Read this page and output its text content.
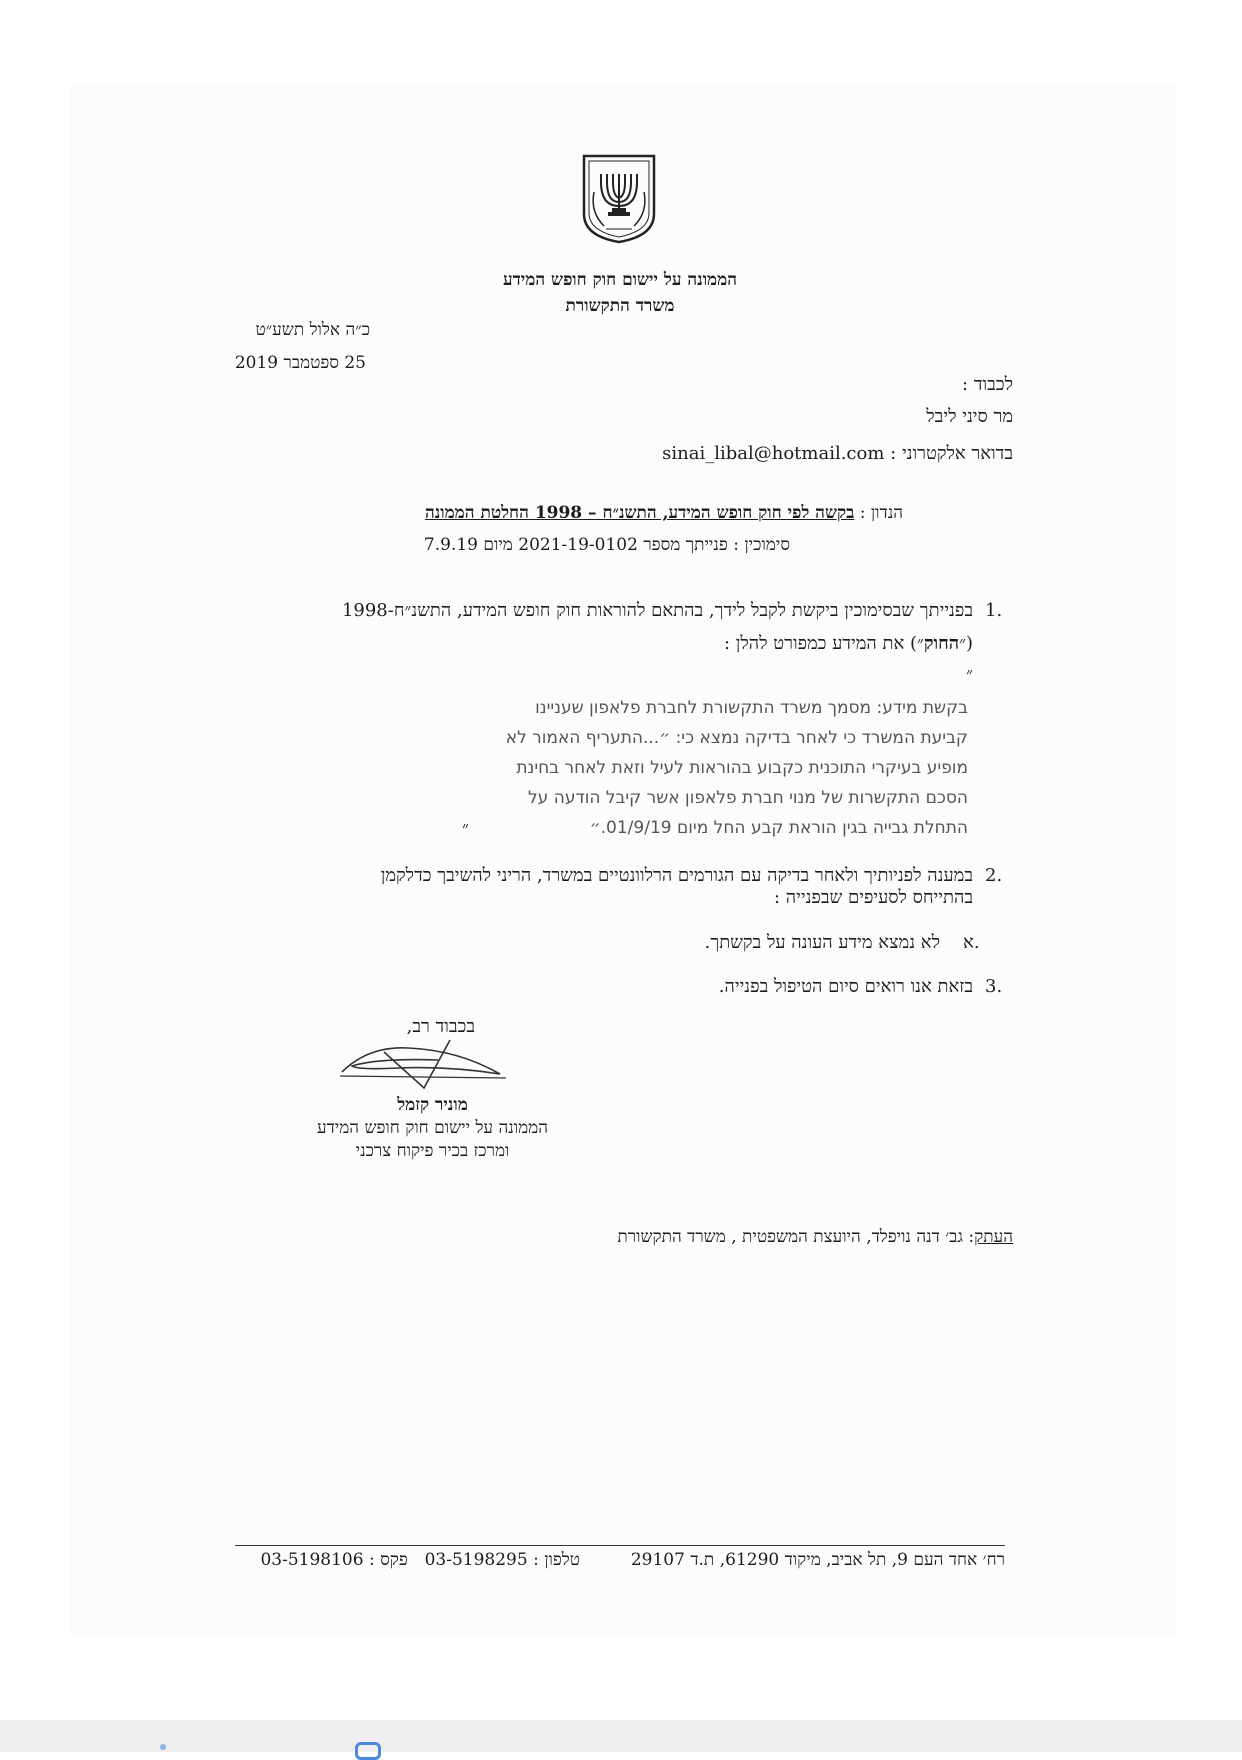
הממונה על יישום חוק חופש המידע
משרד התקשורת
כ״ה אלול תשע״ט
25 ספטמבר 2019
לכבוד :
מר סיני ליבל
בדואר אלקטרוני : sinai_libal@hotmail.com
הנדון : בקשה לפי חוק חופש המידע, התשנ״ח – 1998 החלטת הממונה
סימוכין : פנייתך מספר 2021-19-0102 מיום 7.9.19
1.
בפנייתך שבסימוכין ביקשת לקבל לידך, בהתאם להוראות חוק חופש המידע, התשנ״ח-1998
(״החוק״) את המידע כמפורט להלן :
״
בקשת מידע: מסמך משרד התקשורת לחברת פלאפון שעניינו
קביעת המשרד כי לאחר בדיקה נמצא כי: ״...התעריף האמור לא
מופיע בעיקרי התוכנית כקבוע בהוראות לעיל וזאת לאחר בחינת
הסכם התקשרות של מנוי חברת פלאפון אשר קיבל הודעה על
התחלת גבייה בגין הוראת קבע החל מיום 01/9/19.״
״
2.
במענה לפניותיך ולאחר בדיקה עם הגורמים הרלוונטיים במשרד, הריני להשיבך כדלקמן
בהתייחס לסעיפים שבפנייה :
א.
לא נמצא מידע העונה על בקשתך.
3.
בזאת אנו רואים סיום הטיפול בפנייה.
בכבוד רב,
מוניר קזמל
הממונה על יישום חוק חופש המידע
ומרכז בכיר פיקוח צרכני
העתק: גב׳ דנה נויפלד, היועצת המשפטית , משרד התקשורת
רח׳ אחד העם 9, תל אביב, מיקוד 61290, ת.ד 29107  טלפון : 03-5198295  פקס : 03-5198106
